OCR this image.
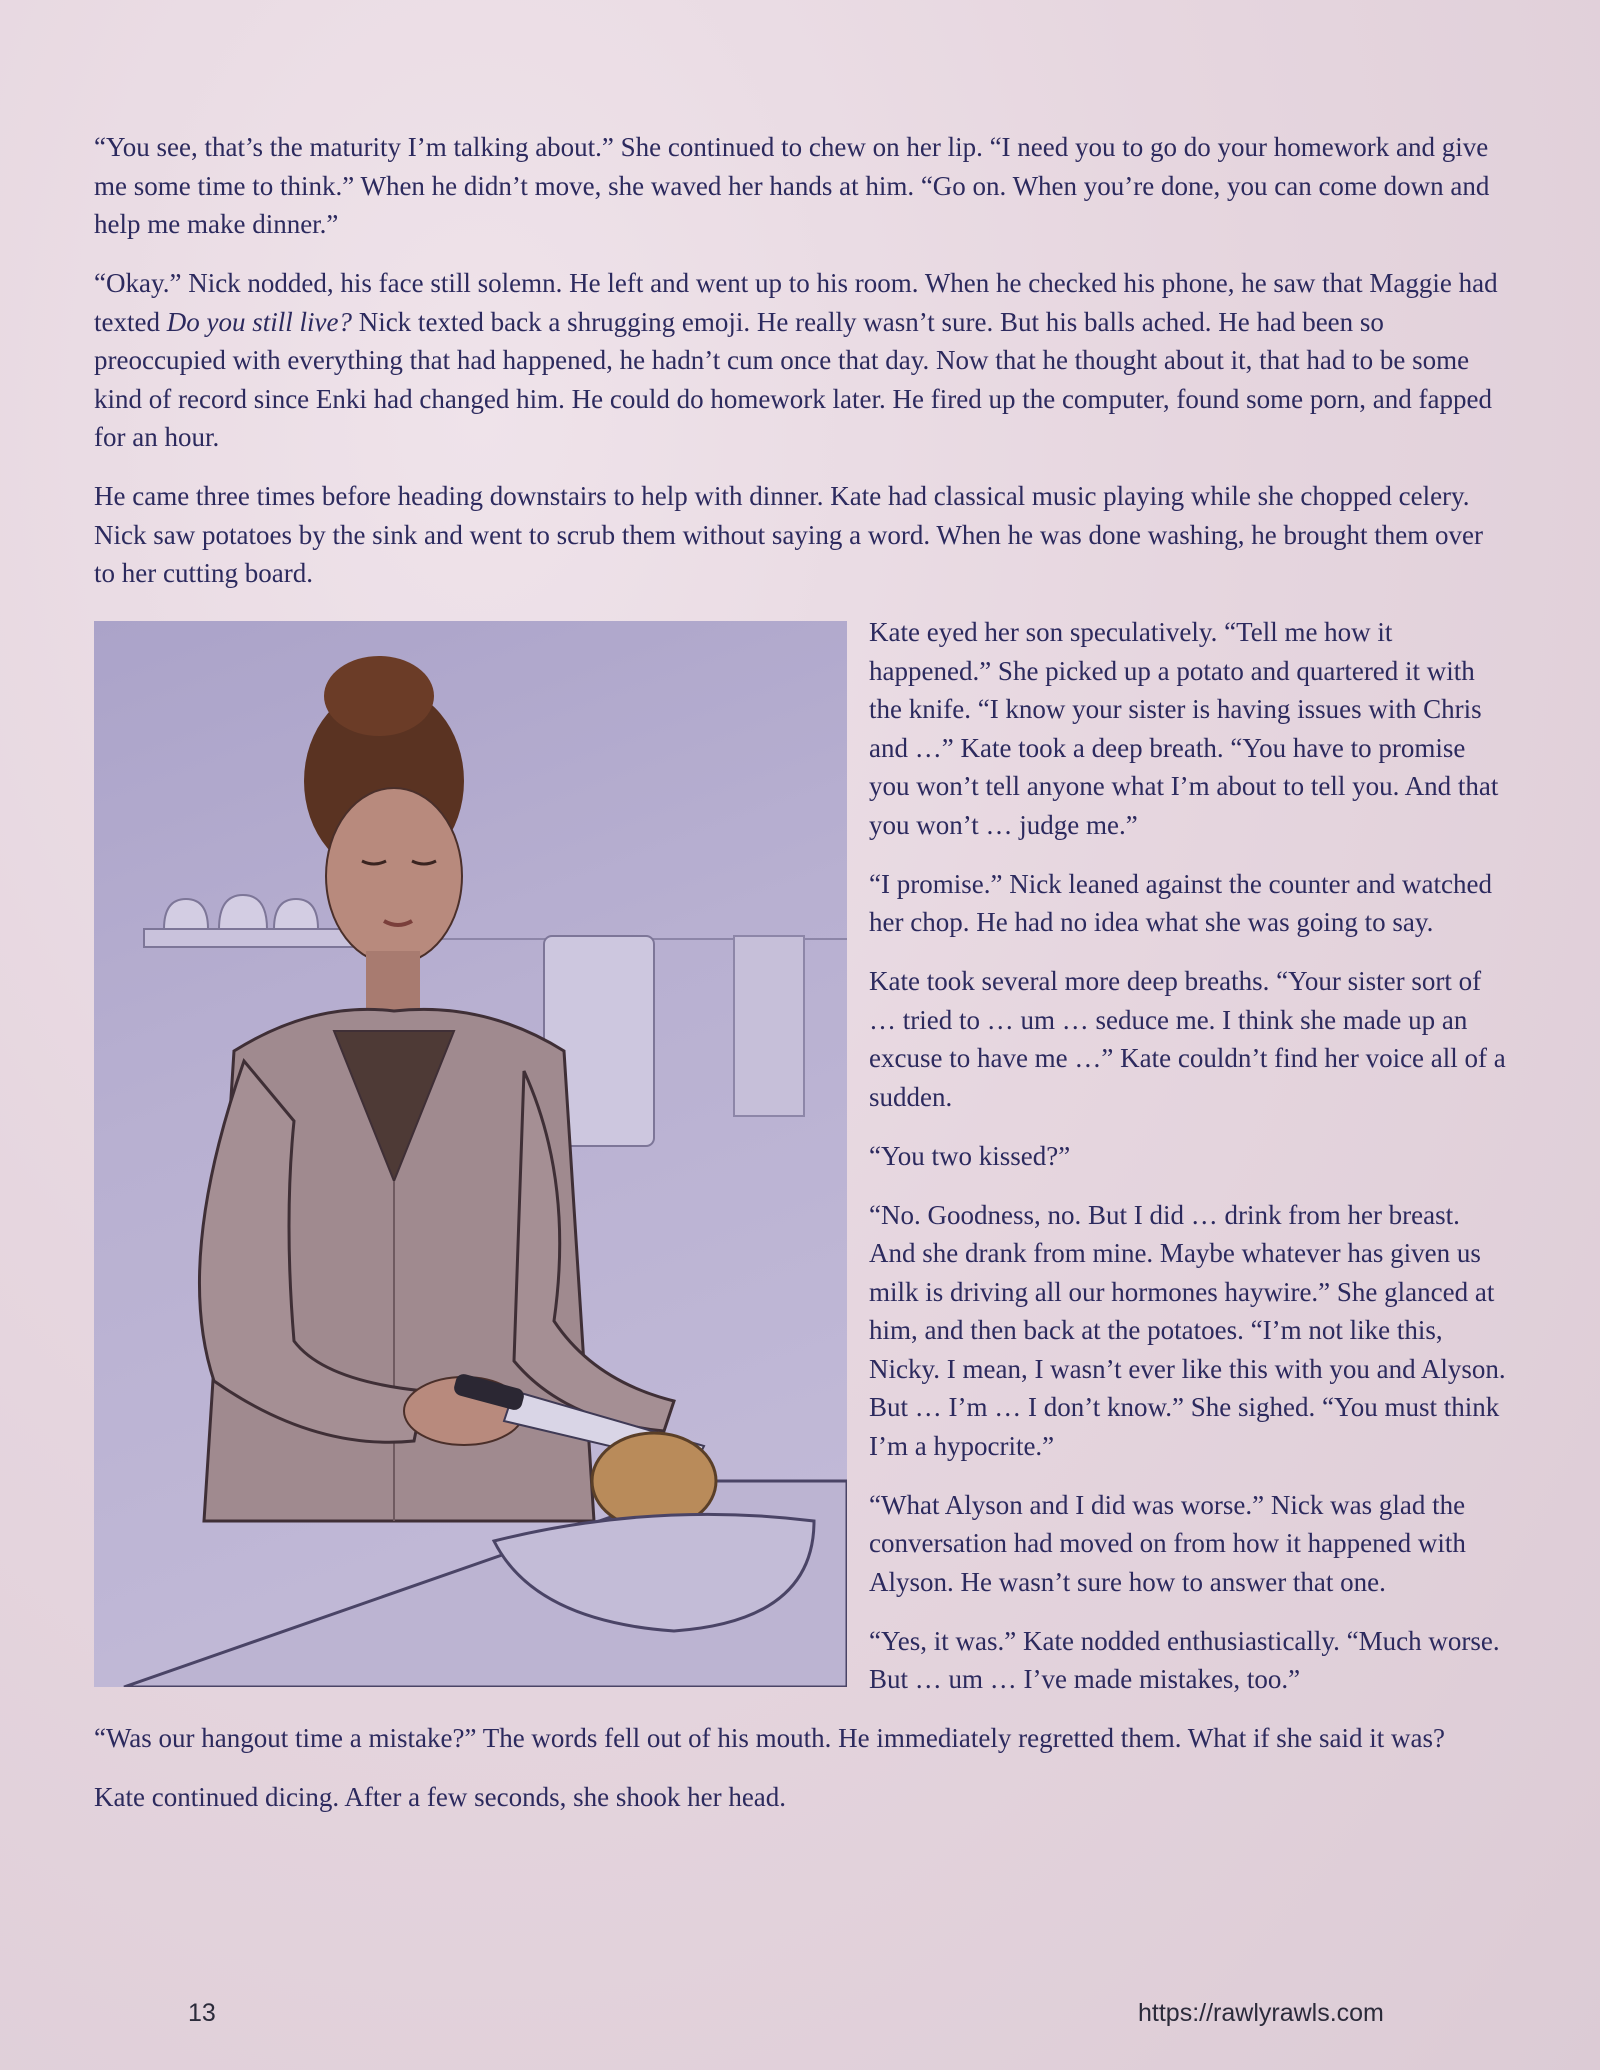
“You see, that’s the maturity I’m talking about.” She continued to chew on her lip. “I need you to go do your homework and give me some time to think.” When he didn’t move, she waved her hands at him. “Go on. When you’re done, you can come down and help me make dinner.”

“Okay.” Nick nodded, his face still solemn. He left and went up to his room. When he checked his phone, he saw that Maggie had texted Do you still live? Nick texted back a shrugging emoji. He really wasn’t sure. But his balls ached. He had been so preoccupied with everything that had happened, he hadn’t cum once that day. Now that he thought about it, that had to be some kind of record since Enki had changed him. He could do homework later. He fired up the computer, found some porn, and fapped for an hour.

He came three times before heading downstairs to help with dinner. Kate had classical music playing while she chopped celery. Nick saw potatoes by the sink and went to scrub them without saying a word. When he was done washing, he brought them over to her cutting board.

Kate eyed her son speculatively. “Tell me how it happened.” She picked up a potato and quartered it with the knife. “I know your sister is having issues with Chris and …” Kate took a deep breath. “You have to promise you won’t tell anyone what I’m about to tell you. And that you won’t … judge me.”

“I promise.” Nick leaned against the counter and watched her chop. He had no idea what she was going to say.

Kate took several more deep breaths. “Your sister sort of … tried to … um … seduce me. I think she made up an excuse to have me …” Kate couldn’t find her voice all of a sudden.

“You two kissed?”

“No. Goodness, no. But I did … drink from her breast. And she drank from mine. Maybe whatever has given us milk is driving all our hormones haywire.” She glanced at him, and then back at the potatoes. “I’m not like this, Nicky. I mean, I wasn’t ever like this with you and Alyson. But … I’m … I don’t know.” She sighed. “You must think I’m a hypocrite.”

“What Alyson and I did was worse.” Nick was glad the conversation had moved on from how it happened with Alyson. He wasn’t sure how to answer that one.

“Yes, it was.” Kate nodded enthusiastically. “Much worse. But … um … I’ve made mistakes, too.”

“Was our hangout time a mistake?” The words fell out of his mouth. He immediately regretted them. What if she said it was?

Kate continued dicing. After a few seconds, she shook her head.

13	https://rawlyrawls.com
